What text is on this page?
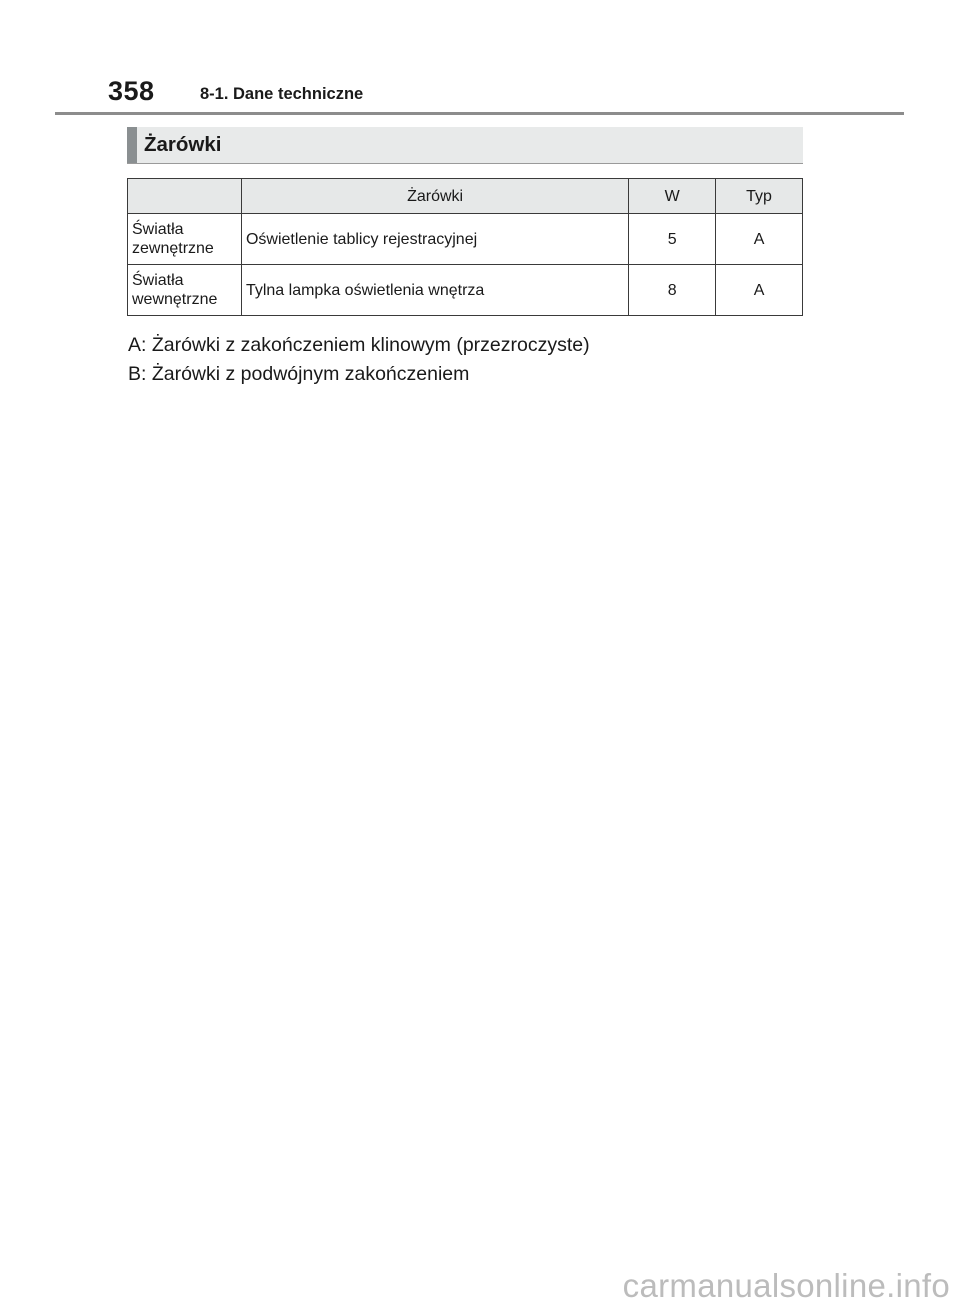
358	8-1. Dane techniczne
Żarówki
	Żarówki	W	Typ
Światła
zewnętrzne	Oświetlenie tablicy rejestracyjnej	5	A
Światła
wewnętrzne	Tylna lampka oświetlenia wnętrza	8	A
A: Żarówki z zakończeniem klinowym (przezroczyste)
B: Żarówki z podwójnym zakończeniem
carmanualsonline.info
